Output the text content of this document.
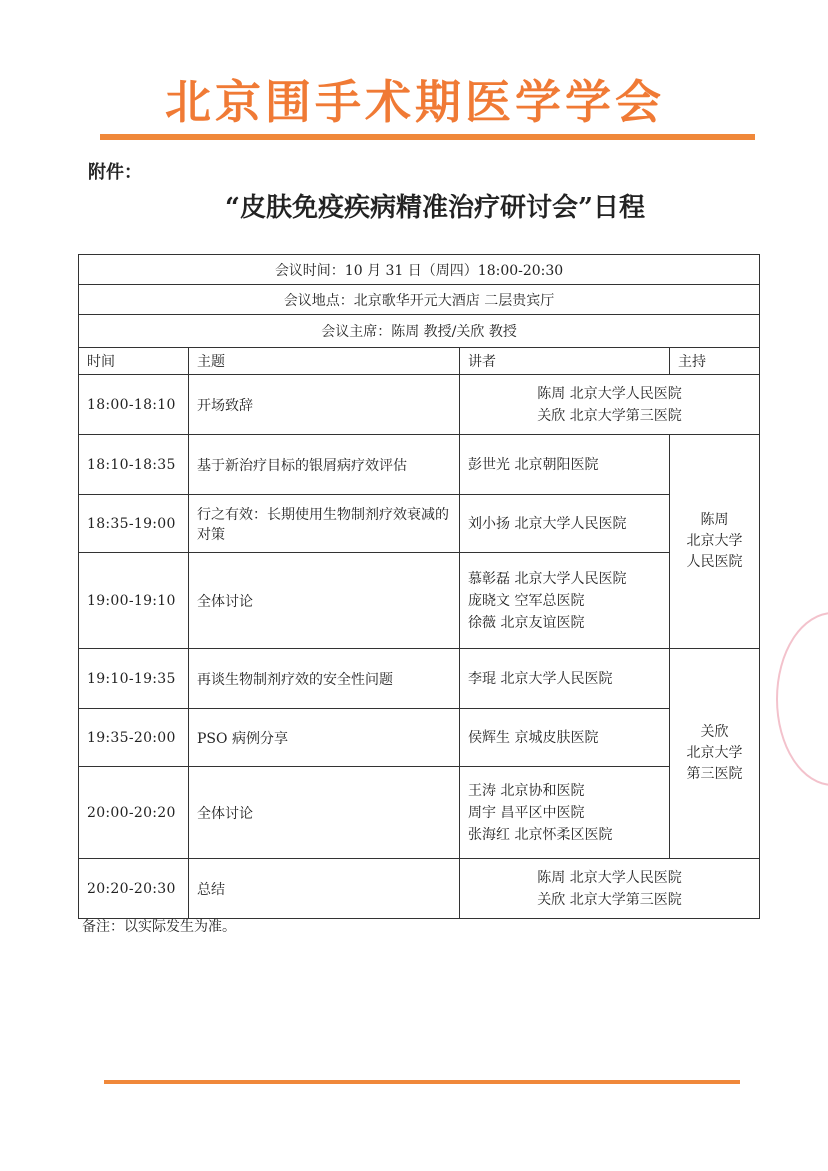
北京围手术期医学学会
附件：
“皮肤免疫疾病精准治疗研讨会”日程
会议时间：10 月 31 日（周四）18:00-20:30			
会议地点：北京歌华开元大酒店 二层贵宾厅			
会议主席：陈周 教授/关欣 教授			
时间	主题	讲者	主持
18:00-18:10	开场致辞	陈周 北京大学人民医院
关欣 北京大学第三医院	

18:10-18:35	基于新治疗目标的银屑病疗效评估	彭世光 北京朝阳医院	陈周
北京大学
人民医院

18:35-19:00	行之有效：长期使用生物制剂疗效衰减的对策	刘小扬 北京大学人民医院	

19:00-19:10	全体讨论	慕彰磊 北京大学人民医院
庞晓文 空军总医院
徐薇 北京友谊医院	

19:10-19:35	再谈生物制剂疗效的安全性问题	李琨 北京大学人民医院	关欣
北京大学
第三医院

19:35-20:00	PSO 病例分享	侯辉生 京城皮肤医院	

20:00-20:20	全体讨论	王涛 北京协和医院
周宇 昌平区中医院
张海红 北京怀柔区医院	

20:20-20:30	总结	陈周 北京大学人民医院
关欣 北京大学第三医院	
备注：以实际发生为准。
